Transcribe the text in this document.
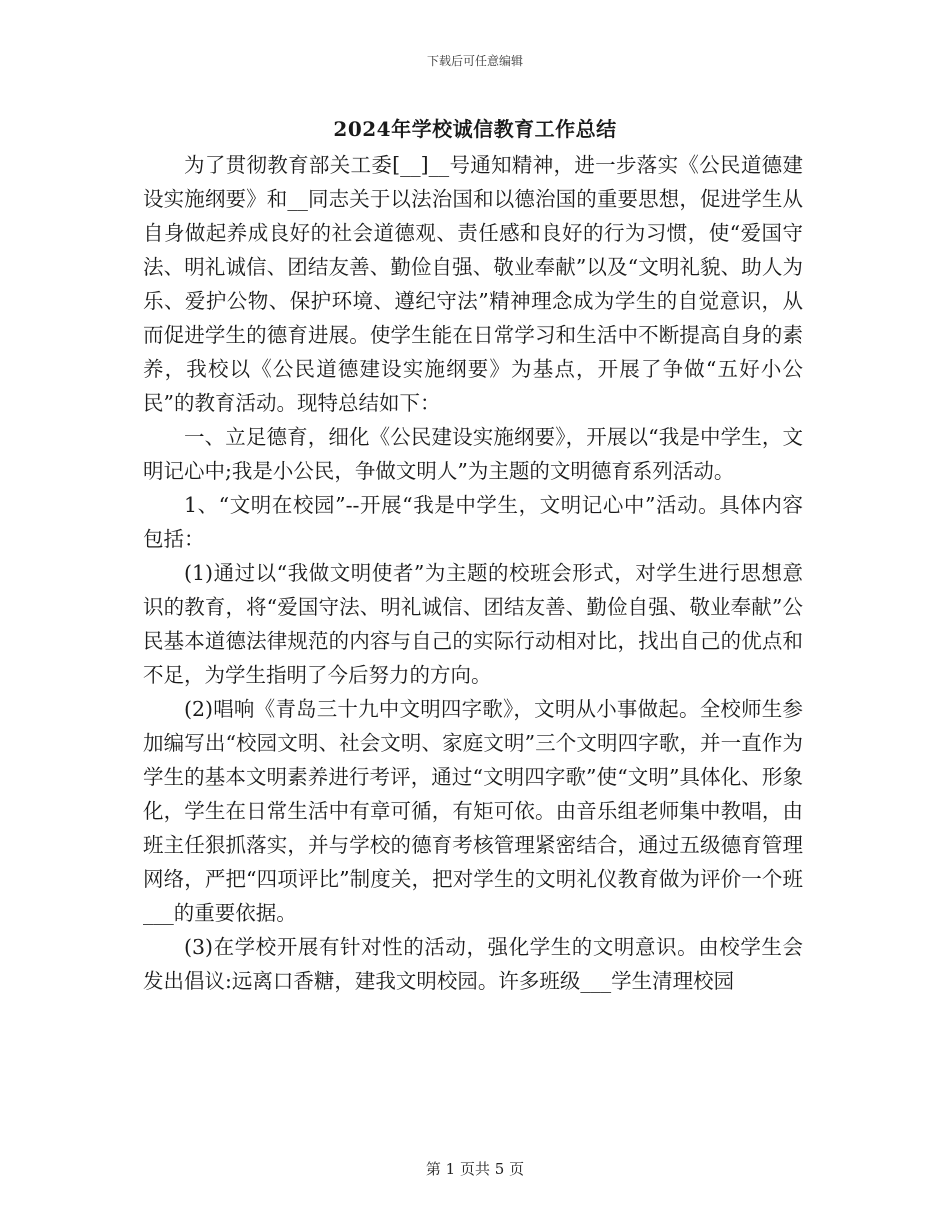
下载后可任意编辑
2024年学校诚信教育工作总结

为了贯彻教育部关工委[__]__号通知精神，进一步落实《公民道德建设实施纲要》和__同志关于以法治国和以德治国的重要思想，促进学生从自身做起养成良好的社会道德观、责任感和良好的行为习惯，使“爱国守法、明礼诚信、团结友善、勤俭自强、敬业奉献”以及“文明礼貌、助人为乐、爱护公物、保护环境、遵纪守法”精神理念成为学生的自觉意识，从而促进学生的德育进展。使学生能在日常学习和生活中不断提高自身的素养，我校以《公民道德建设实施纲要》为基点，开展了争做“五好小公民”的教育活动。现特总结如下：

一、立足德育，细化《公民建设实施纲要》，开展以“我是中学生，文明记心中;我是小公民，争做文明人”为主题的文明德育系列活动。

1、“文明在校园”--开展“我是中学生，文明记心中”活动。具体内容包括：

(1)通过以“我做文明使者”为主题的校班会形式，对学生进行思想意识的教育，将“爱国守法、明礼诚信、团结友善、勤俭自强、敬业奉献”公民基本道德法律规范的内容与自己的实际行动相对比，找出自己的优点和不足，为学生指明了今后努力的方向。

(2)唱响《青岛三十九中文明四字歌》，文明从小事做起。全校师生参加编写出“校园文明、社会文明、家庭文明”三个文明四字歌，并一直作为学生的基本文明素养进行考评，通过“文明四字歌”使“文明”具体化、形象化，学生在日常生活中有章可循，有矩可依。由音乐组老师集中教唱，由班主任狠抓落实，并与学校的德育考核管理紧密结合，通过五级德育管理网络，严把“四项评比”制度关，把对学生的文明礼仪教育做为评价一个班___的重要依据。

(3)在学校开展有针对性的活动，强化学生的文明意识。由校学生会发出倡议:远离口香糖，建我文明校园。许多班级___学生清理校园

第 1 页共 5 页
